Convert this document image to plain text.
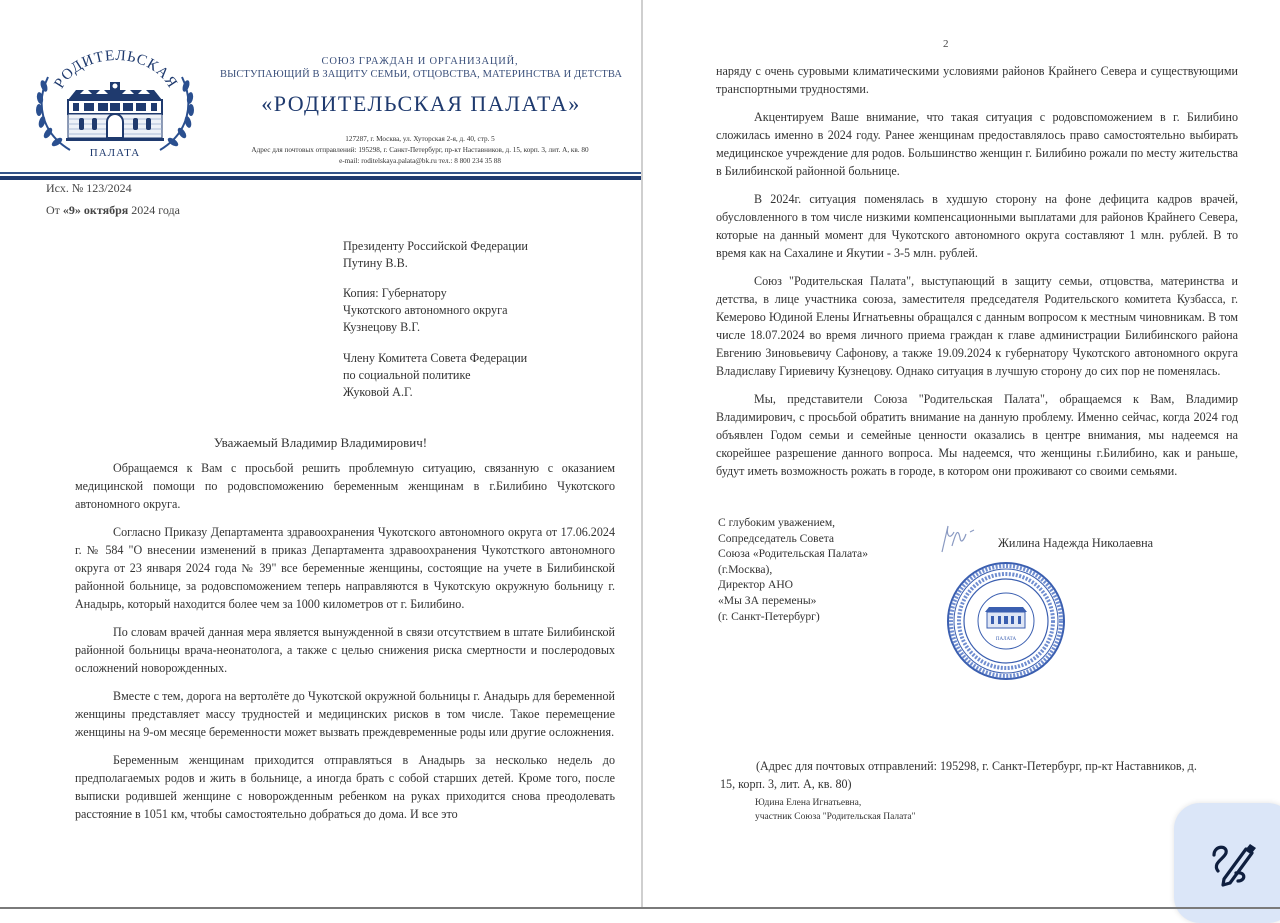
РОДИТЕЛЬСКАЯ
ПАЛАТА
СОЮЗ ГРАЖДАН И ОРГАНИЗАЦИЙ,
ВЫСТУПАЮЩИЙ В ЗАЩИТУ СЕМЬИ, ОТЦОВСТВА, МАТЕРИНСТВА И ДЕТСТВА
«РОДИТЕЛЬСКАЯ ПАЛАТА»
127287, г. Москва, ул. Хуторская 2-я, д. 40, стр. 5
Адрес для почтовых отправлений: 195298, г. Санкт-Петербург, пр-кт Наставников, д. 15, корп. 3, лит. А, кв. 80
e-mail: roditelskaya.palata@bk.ru тел.: 8 800 234 35 88
Исх. № 123/2024
От «9» октября 2024 года
Президенту Российской Федерации
Путину В.В.
Копия: Губернатору
Чукотского автономного округа
Кузнецову В.Г.
Члену Комитета Совета Федерации
по социальной политике
Жуковой А.Г.
Уважаемый Владимир Владимирович!

Обращаемся к Вам с просьбой решить проблемную ситуацию, связанную с оказанием медицинской помощи по родовспоможению беременным женщинам в г.Билибино Чукотского автономного округа.

Согласно Приказу Департамента здравоохранения Чукотского автономного округа от 17.06.2024 г. № 584 "О внесении изменений в приказ Департамента здравоохранения Чукотсткого автономного округа от 23 января 2024 года № 39" все беременные женщины, состоящие на учете в Билибинской районной больнице, за родовспоможением теперь направляются в Чукотскую окружную больницу г. Анадырь, который находится более чем за 1000 километров от г. Билибино.

По словам врачей данная мера является вынужденной в связи отсутствием в штате Билибинской районной больницы врача-неонатолога, а также с целью снижения риска смертности и послеродовых осложнений новорожденных.

Вместе с тем, дорога на вертолёте до Чукотской окружной больницы г. Анадырь для беременной женщины представляет массу трудностей и медицинских рисков в том числе. Такое перемещение женщины на 9-ом месяце беременности может вызвать преждевременные роды или другие осложнения.

Беременным женщинам приходится отправляться в Анадырь за несколько недель до предполагаемых родов и жить в больнице, а иногда брать с собой старших детей. Кроме того, после выписки родившей женщине с новорожденным ребенком на руках приходится снова преодолевать расстояние в 1051 км, чтобы самостоятельно добраться до дома. И все это

2

наряду с очень суровыми климатическими условиями районов Крайнего Севера и существующими транспортными трудностями.

Акцентируем Ваше внимание, что такая ситуация с родовспоможением в г. Билибино сложилась именно в 2024 году. Ранее женщинам предоставлялось право самостоятельно выбирать медицинское учреждение для родов. Большинство женщин г. Билибино рожали по месту жительства в Билибинской районной больнице.

В 2024г. ситуация поменялась в худшую сторону на фоне дефицита кадров врачей, обусловленного в том числе низкими компенсационными выплатами для районов Крайнего Севера, которые на данный момент для Чукотского автономного округа составляют 1 млн. рублей. В то время как на Сахалине и Якутии - 3-5 млн. рублей.

Союз "Родительская Палата", выступающий в защиту семьи, отцовства, материнства и детства, в лице участника союза, заместителя председателя Родительского комитета Кузбасса, г. Кемерово Юдиной Елены Игнатьевны обращался с данным вопросом к местным чиновникам. В том числе 18.07.2024 во время личного приема граждан к главе администрации Билибинского района Евгению Зиновьевичу Сафонову, а также 19.09.2024 к губернатору Чукотского автономного округа Владиславу Гириевичу Кузнецову. Однако ситуация в лучшую сторону до сих пор не поменялась.

Мы, представители Союза "Родительская Палата", обращаемся к Вам, Владимир Владимирович, с просьбой обратить внимание на данную проблему. Именно сейчас, когда 2024 год объявлен Годом семьи и семейные ценности оказались в центре внимания, мы надеемся на скорейшее разрешение данного вопроса. Мы надеемся, что женщины г.Билибино, как и раньше, будут иметь возможность рожать в городе, в котором они проживают со своими семьями.

С глубоким уважением,
Сопредседатель Совета
Союза «Родительская Палата»
(г.Москва),
Директор АНО
«Мы ЗА перемены»
(г. Санкт-Петербург)
Жилина Надежда Николаевна
ПАЛАТА
(Адрес для почтовых отправлений: 195298, г. Санкт-Петербург, пр-кт Наставников, д.
15, корп. 3, лит. А, кв. 80)
Юдина Елена Игнатьевна,
участник Союза "Родительская Палата"
